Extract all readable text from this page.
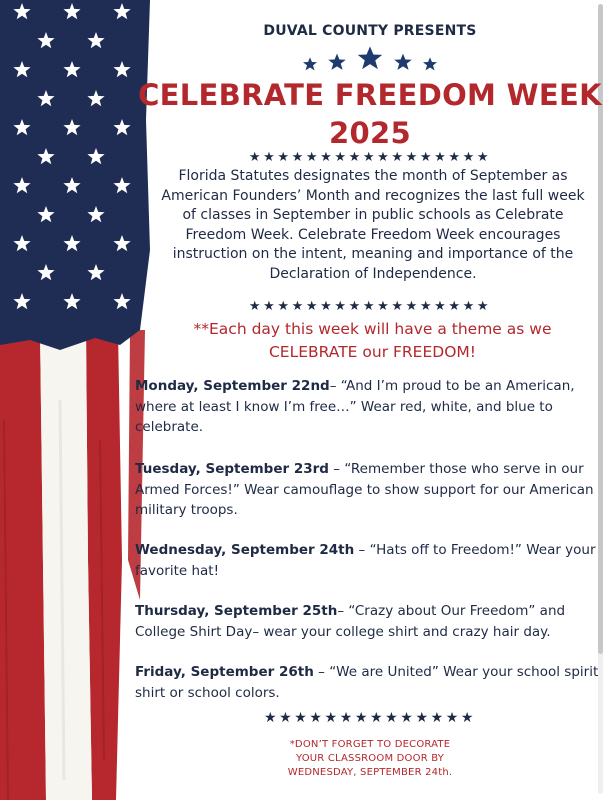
DUVAL COUNTY PRESENTS

CELEBRATE FREEDOM WEEK
2025
★★★★★★★★★★★★★★★★★
Florida Statutes designates the month of September as American Founders’ Month and recognizes the last full week of classes in September in public schools as Celebrate Freedom Week. Celebrate Freedom Week encourages instruction on the intent, meaning and importance of the Declaration of Independence.
★★★★★★★★★★★★★★★★★
**Each day this week will have a theme as we
CELEBRATE our FREEDOM!
Monday, September 22nd– “And I’m proud to be an American, where at least I know I’m free…” Wear red, white, and blue to celebrate.
Tuesday, September 23rd – “Remember those who serve in our Armed Forces!” Wear camouflage to show support for our American military troops.
Wednesday, September 24th – “Hats off to Freedom!” Wear your favorite hat!
Thursday, September 25th– “Crazy about Our Freedom” and College Shirt Day– wear your college shirt and crazy hair day.
Friday, September 26th – “We are United” Wear your school spirit shirt or school colors.
★★★★★★★★★★★★★★
*DON’T FORGET TO DECORATE
YOUR CLASSROOM DOOR BY
WEDNESDAY, SEPTEMBER 24th.
